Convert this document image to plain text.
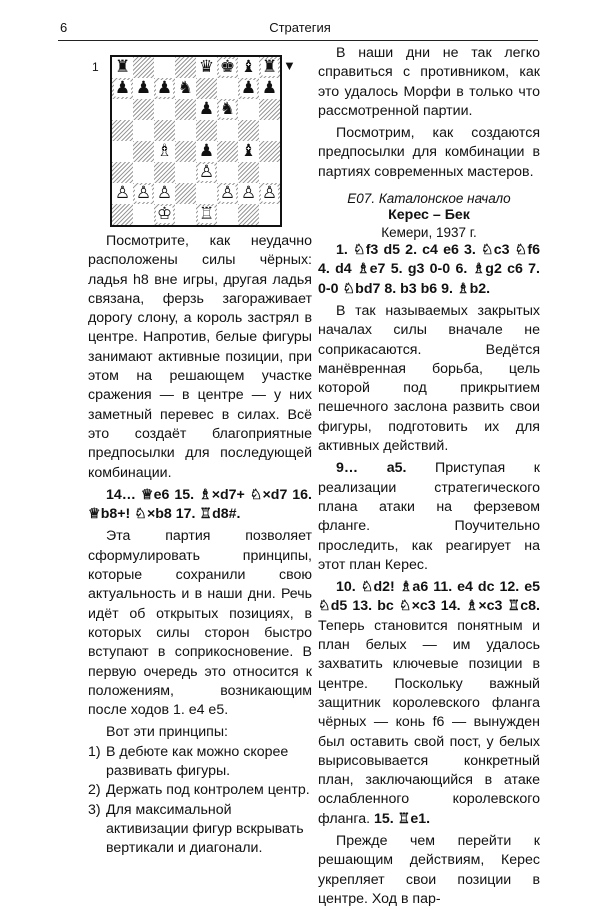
6	Стратегия
1 ♜	♛ ♚ ♝ ♜
♟ ♟ ♟ ♞	♟ ♟
♟ ♞
♗ ♟ ♝
♙
♙ ♙ ♙	♙ ♙ ♙
♔ ♖
▼

Посмотрите, как неудачно расположены силы чёрных: ладья h8 вне игры, другая ладья связана, ферзь загораживает дорогу слону, а король застрял в центре. Напротив, белые фигуры занимают активные позиции, при этом на решающем участке сражения — в центре — у них заметный перевес в силах. Всё это создаёт благоприятные предпосылки для последующей комбинации.

14… ♕e6 15. ♗×d7+ ♘×d7 16. ♕b8+! ♘×b8 17. ♖d8#.

Эта партия позволяет сформулировать принципы, которые сохранили свою актуальность и в наши дни. Речь идёт об открытых позициях, в которых силы сторон быстро вступают в соприкосновение. В первую очередь это относится к положениям, возникающим после ходов 1. е4 е5.

Вот эти принципы:

1) В дебюте как можно скорее развивать фигуры.
2) Держать под контролем центр.
3) Для максимальной активизации фигур вскрывать вертикали и диагонали.

В наши дни не так легко справиться с противником, как это удалось Морфи в только что рассмотренной партии.

Посмотрим, как создаются предпосылки для комбинации в партиях современных мастеров.

Е07. Каталонское начало
Керес – Бек
Кемери, 1937 г.

1. ♘f3 d5 2. c4 e6 3. ♘c3 ♘f6 4. d4 ♗e7 5. g3 0-0 6. ♗g2 c6 7. 0-0 ♘bd7 8. b3 b6 9. ♗b2.

В так называемых закрытых началах силы вначале не соприкасаются. Ведётся манёвренная борьба, цель которой под прикрытием пешечного заслона развить свои фигуры, подготовить их для активных действий.

9… а5. Приступая к реализации стратегического плана атаки на ферзевом фланге. Поучительно проследить, как реагирует на этот план Керес.

10. ♘d2! ♗a6 11. e4 dc 12. e5 ♘d5 13. bc ♘×c3 14. ♗×c3 ♖c8. Теперь становится понятным и план белых — им удалось захватить ключевые позиции в центре. Поскольку важный защитник королевского фланга чёрных — конь f6 — вынужден был оставить свой пост, у белых вырисовывается конкретный план, заключающийся в атаке ослабленного королевского фланга. 15. ♖e1.

Прежде чем перейти к решающим действиям, Керес укрепляет свои позиции в центре. Ход в пар-
